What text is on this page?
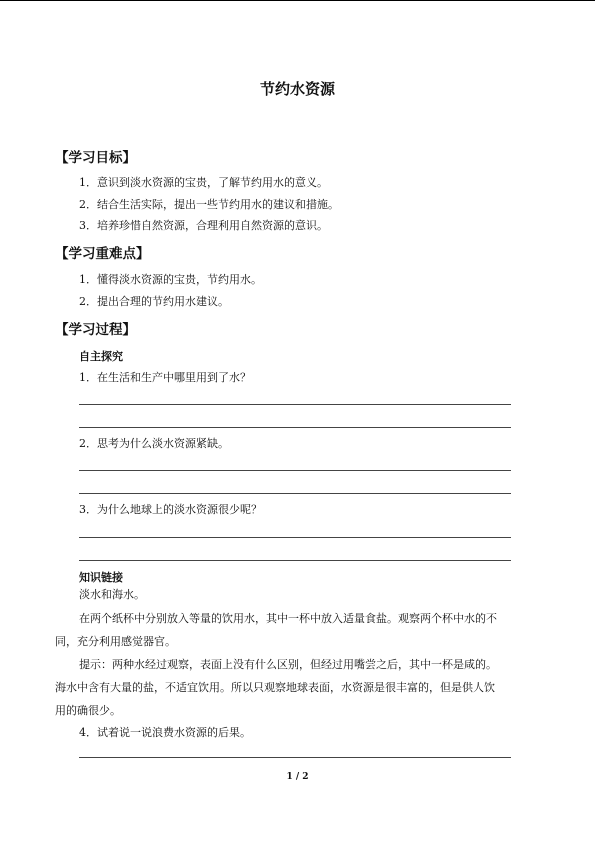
节约水资源
【学习目标】
1．意识到淡水资源的宝贵，了解节约用水的意义。
2．结合生活实际，提出一些节约用水的建议和措施。
3．培养珍惜自然资源，合理利用自然资源的意识。
【学习重难点】
1．懂得淡水资源的宝贵，节约用水。
2．提出合理的节约用水建议。
【学习过程】
自主探究
1．在生活和生产中哪里用到了水？
2．思考为什么淡水资源紧缺。
3．为什么地球上的淡水资源很少呢？
知识链接
淡水和海水。
在两个纸杯中分别放入等量的饮用水，其中一杯中放入适量食盐。观察两个杯中水的不
同，充分利用感觉器官。
提示：两种水经过观察，表面上没有什么区别，但经过用嘴尝之后，其中一杯是咸的。
海水中含有大量的盐，不适宜饮用。所以只观察地球表面，水资源是很丰富的，但是供人饮
用的确很少。
4．试着说一说浪费水资源的后果。
1 / 2
